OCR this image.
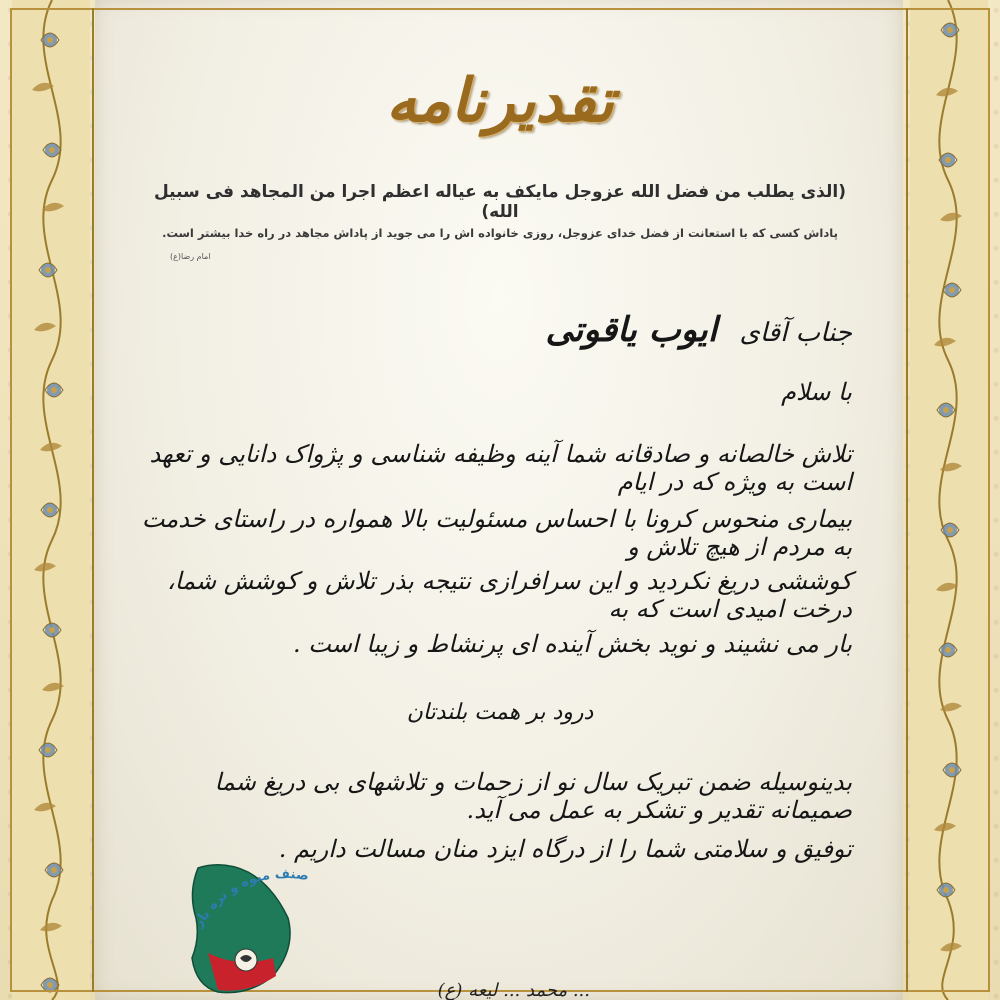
تقدیرنامه
(الذی یطلب من فضل الله عزوجل مایکف به عیاله اعظم اجرا من المجاهد فی سبیل الله)
پاداش کسی که با استعانت از فضل خدای عزوجل، روزی خانواده اش را می جوید از پاداش مجاهد در راه خدا بیشتر است.
امام رضا(ع)
جناب آقای ایوب یاقوتی
با سلام
تلاش خالصانه و صادقانه شما آینه وظیفه شناسی و پژواک دانایی و تعهد است به ویژه که در ایام
بیماری منحوس کرونا با احساس مسئولیت بالا همواره در راستای خدمت به مردم از هیچ تلاش و
کوششی دریغ نکردید و این سرافرازی نتیجه بذر تلاش و کوشش شما، درخت امیدی است که به
بار می نشیند و نوید بخش آینده ای پرنشاط و زیبا است .
درود بر همت بلندتان
بدینوسیله ضمن تبریک سال نو از زحمات و تلاشهای بی دریغ شما صمیمانه تقدیر و تشکر به عمل می آید.
توفیق و سلامتی شما را از درگاه ایزد منان مسالت داریم .
صنف میوه و تره بار
... محمد ... لیعه (ع)
